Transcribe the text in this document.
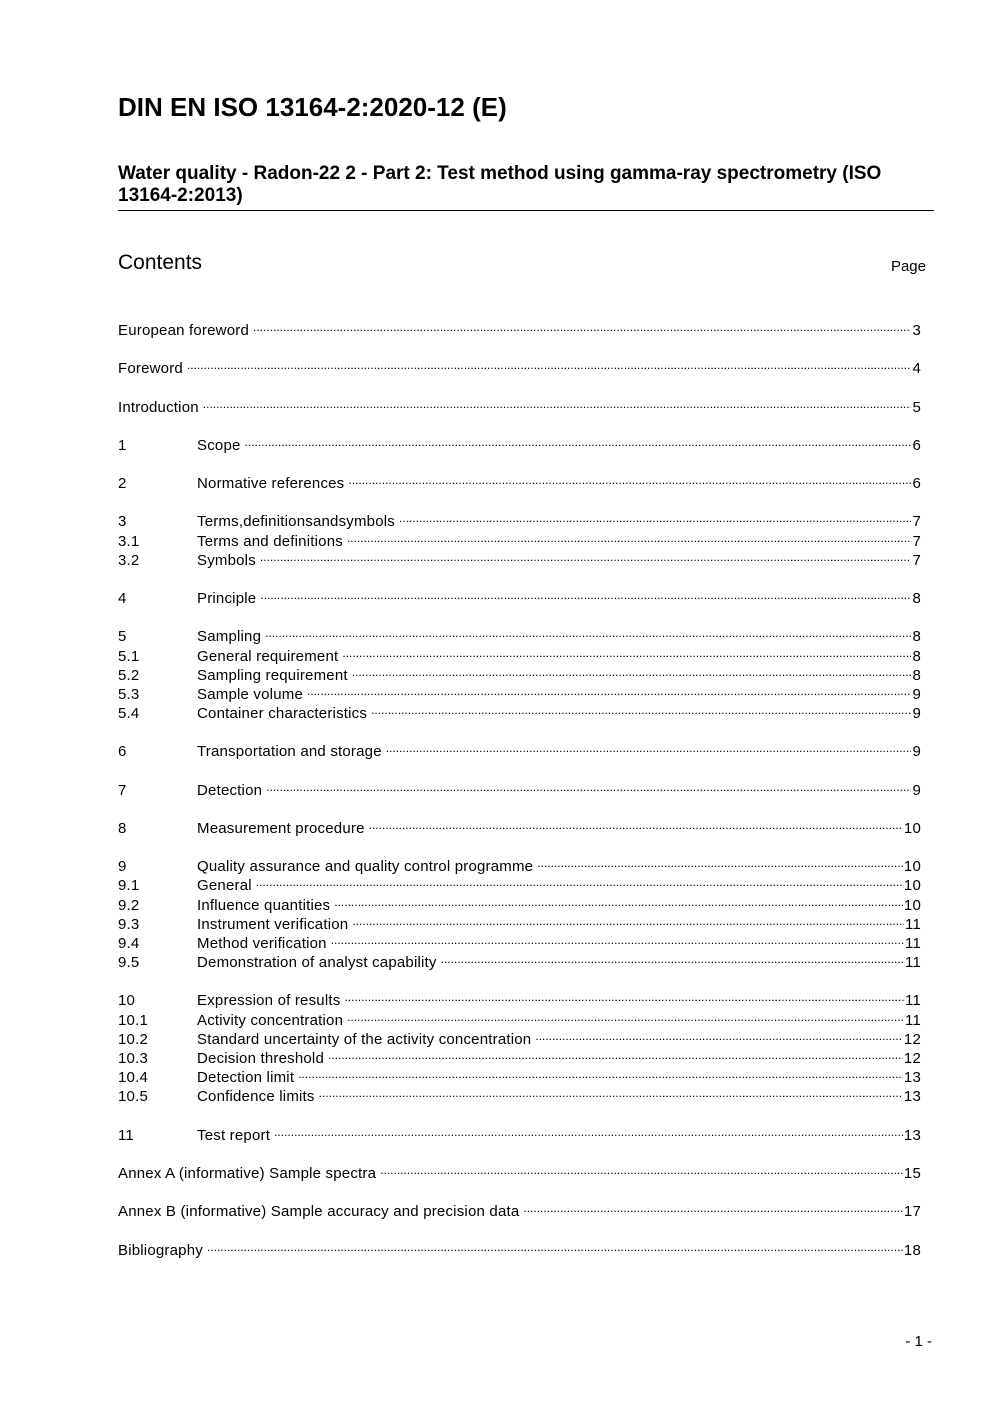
DIN EN ISO 13164-2:2020-12 (E)
Water quality - Radon-22 2 - Part 2: Test method using gamma-ray spectrometry (ISO 13164-2:2013)
Contents	Page
European foreword .....	3
Foreword .....	4
Introduction .....	5
1	Scope .....	6
2	Normative references .....	6
3	Terms,definitionsandsymbols .....	7
3.1	Terms and definitions .....	7
3.2	Symbols .....	7
4	Principle .....	8
5	Sampling .....	8
5.1	General requirement .....	8
5.2	Sampling requirement .....	8
5.3	Sample volume .....	9
5.4	Container characteristics .....	9
6	Transportation and storage .....	9
7	Detection .....	9
8	Measurement procedure .....	10
9	Quality assurance and quality control programme .....	10
9.1	General .....	10
9.2	Influence quantities .....	10
9.3	Instrument verification .....	11
9.4	Method verification .....	11
9.5	Demonstration of analyst capability .....	11
10	Expression of results .....	11
10.1	Activity concentration .....	11
10.2	Standard uncertainty of the activity concentration .....	12
10.3	Decision threshold .....	12
10.4	Detection limit .....	13
10.5	Confidence limits .....	13
11	Test report .....	13
Annex A (informative) Sample spectra .....	15
Annex B (informative) Sample accuracy and precision data .....	17
Bibliography .....	18
- 1 -
